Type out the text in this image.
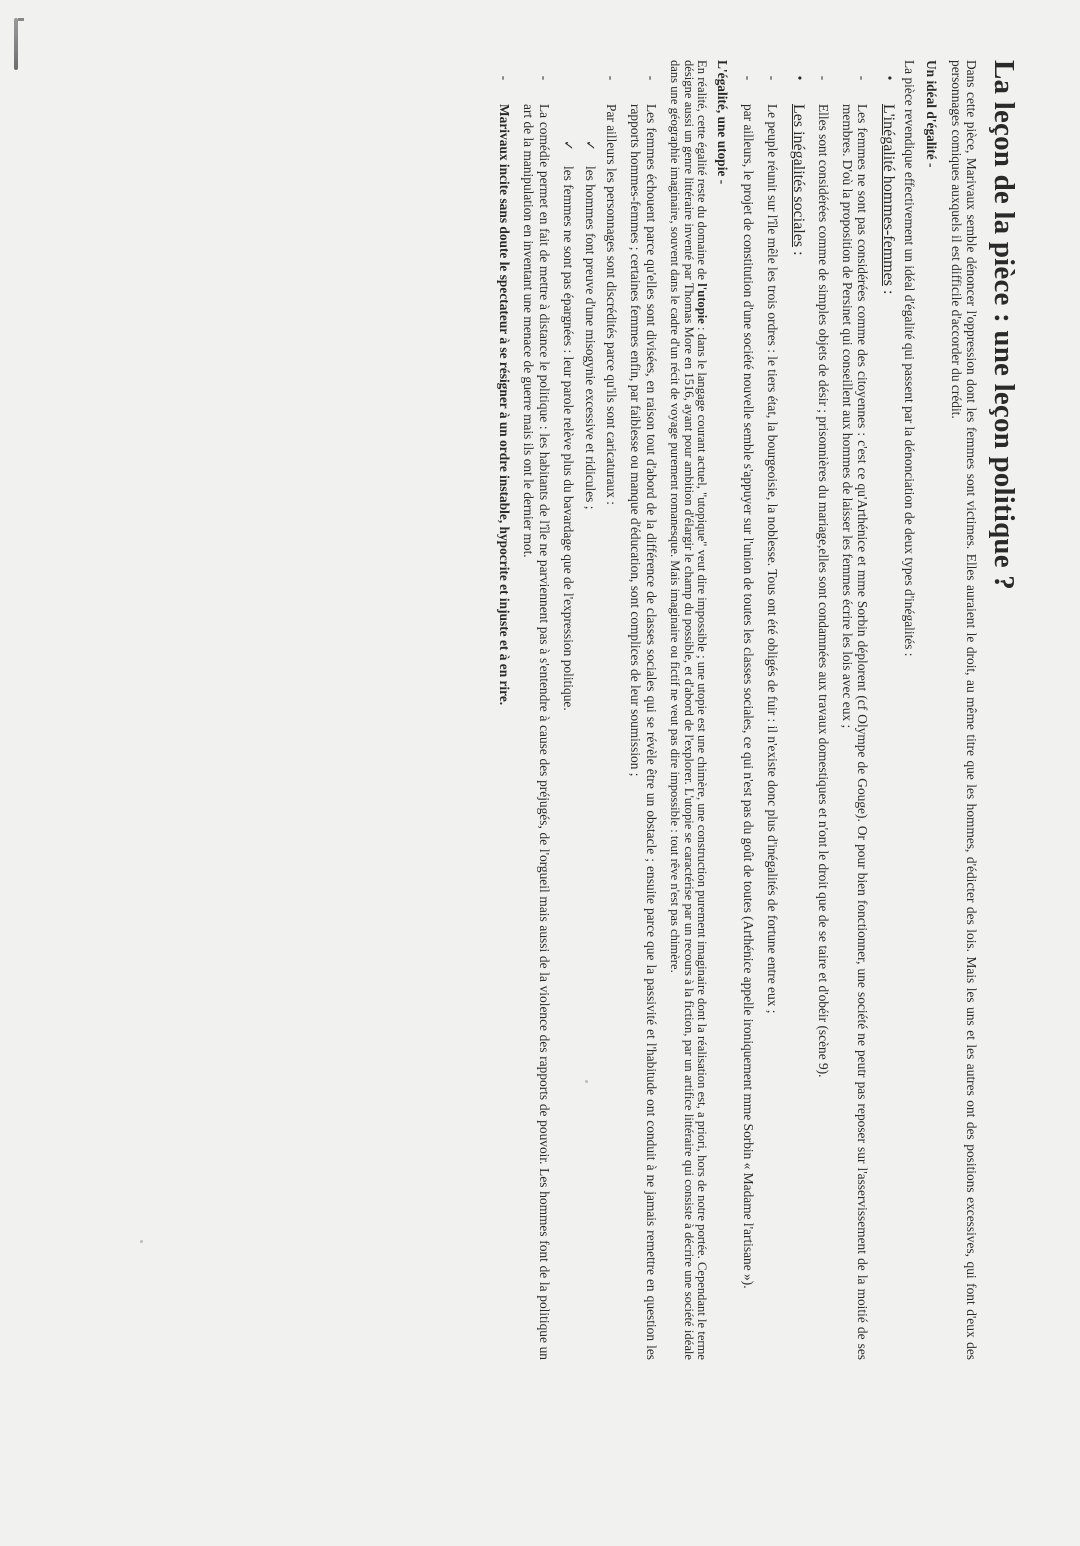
La leçon de la pièce : une leçon politique ?

Dans cette pièce, Marivaux semble dénoncer l'oppression dont les femmes sont victimes. Elles auraient le droit, au même titre que les hommes, d'édicter des lois. Mais les uns et les autres ont des positions excessives, qui font d'eux des personnages comiques auxquels il est difficile d'accorder du crédit.

Un idéal d'égalité -

La pièce revendique effectivement un idéal d'égalité qui passent par la dénonciation de deux types d'inégalités :

•
L'inégalité hommes-femmes :
-

Les femmes ne sont pas considérées comme des citoyennes : c'est ce qu'Arthénice et mme Sorbin déplorent (cf Olympe de Gouge). Or pour bien fonctionner, une société ne peutr pas reposer sur l'asservissement de la moitié de ses membres. D'où la proposition de Persinet qui conseillent aux hommes de laisser les femmes écrire les lois avec eux ;

-

Elles sont considérées comme de simples objets de désir ; prisonnières du mariage,elles sont condamnées aux travaux domestiques et n'ont le droit que de se taire et d'obéir (scène 9).

•
Les inégalités sociales :
-

Le peuple réunit sur l'île mêle les trois ordres : le tiers état, la bourgeoisie, la noblesse. Tous ont été obligés de fuir : il n'existe donc plus d'inégalités de fortune entre eux ;

-

par ailleurs, le projet de constitution d'une société nouvelle semble s'appuyer sur l'union de toutes les classes sociales, ce qui n'est pas du goût de toutes (Arthénice appelle ironiquement mme Sorbin « Madame l'artisane »).

L'égalité, une utopie -

En réalité, cette égalité reste du domaine de l'utopie : dans le langage courant actuel, "utopique" veut dire impossible ; une utopie est une chimère, une construction purement imaginaire dont la réalisation est, a priori, hors de notre portée. Cependant le terme désigne aussi un genre littéraire inventé par Thomas More en 1516, ayant pour ambition d'élargir le champ du possible, et d'abord de l'explorer. L'utopie se caractérise par un recours à la fiction, par un artifice littéraire qui consiste à décrire une société idéale dans une géographie imaginaire, souvent dans le cadre d'un récit de voyage purement romanesque. Mais imaginaire ou fictif ne veut pas dire impossible : tout rêve n'est pas chimère.

-

Les femmes échouent parce qu'elles sont divisées, en raison tout d'abord de la différence de classes sociales qui se révèle être un obstacle ; ensuite parce que la passivité et l'habitude ont conduit à ne jamais remettre en question les rapports hommes-femmes ; certaines femmes enfin, par faiblesse ou manque d'éducation, sont complices de leur soumission ;

-

Par ailleurs les personnages sont discrédités parce qu'ils sont caricaturaux :

✓
les hommes font preuve d'une misogynie excessive et ridicules ;
✓
les femmes ne sont pas épargnées : leur parole relève plus du bavardage que de l'expression politique.
-

La comédie permet en fait de mettre à distance le politique : les habitants de l'île ne parviennent pas à s'entendre à cause des préjugés, de l'orgueil mais aussi de la violence des rapports de pouvoir. Les hommes font de la politique un art de la manipulation en inventant une menace de guerre mais ils ont le dernier mot.

-

Marivaux incite sans doute le spectateur à se résigner à un ordre instable, hypocrite et injuste et à en rire.
